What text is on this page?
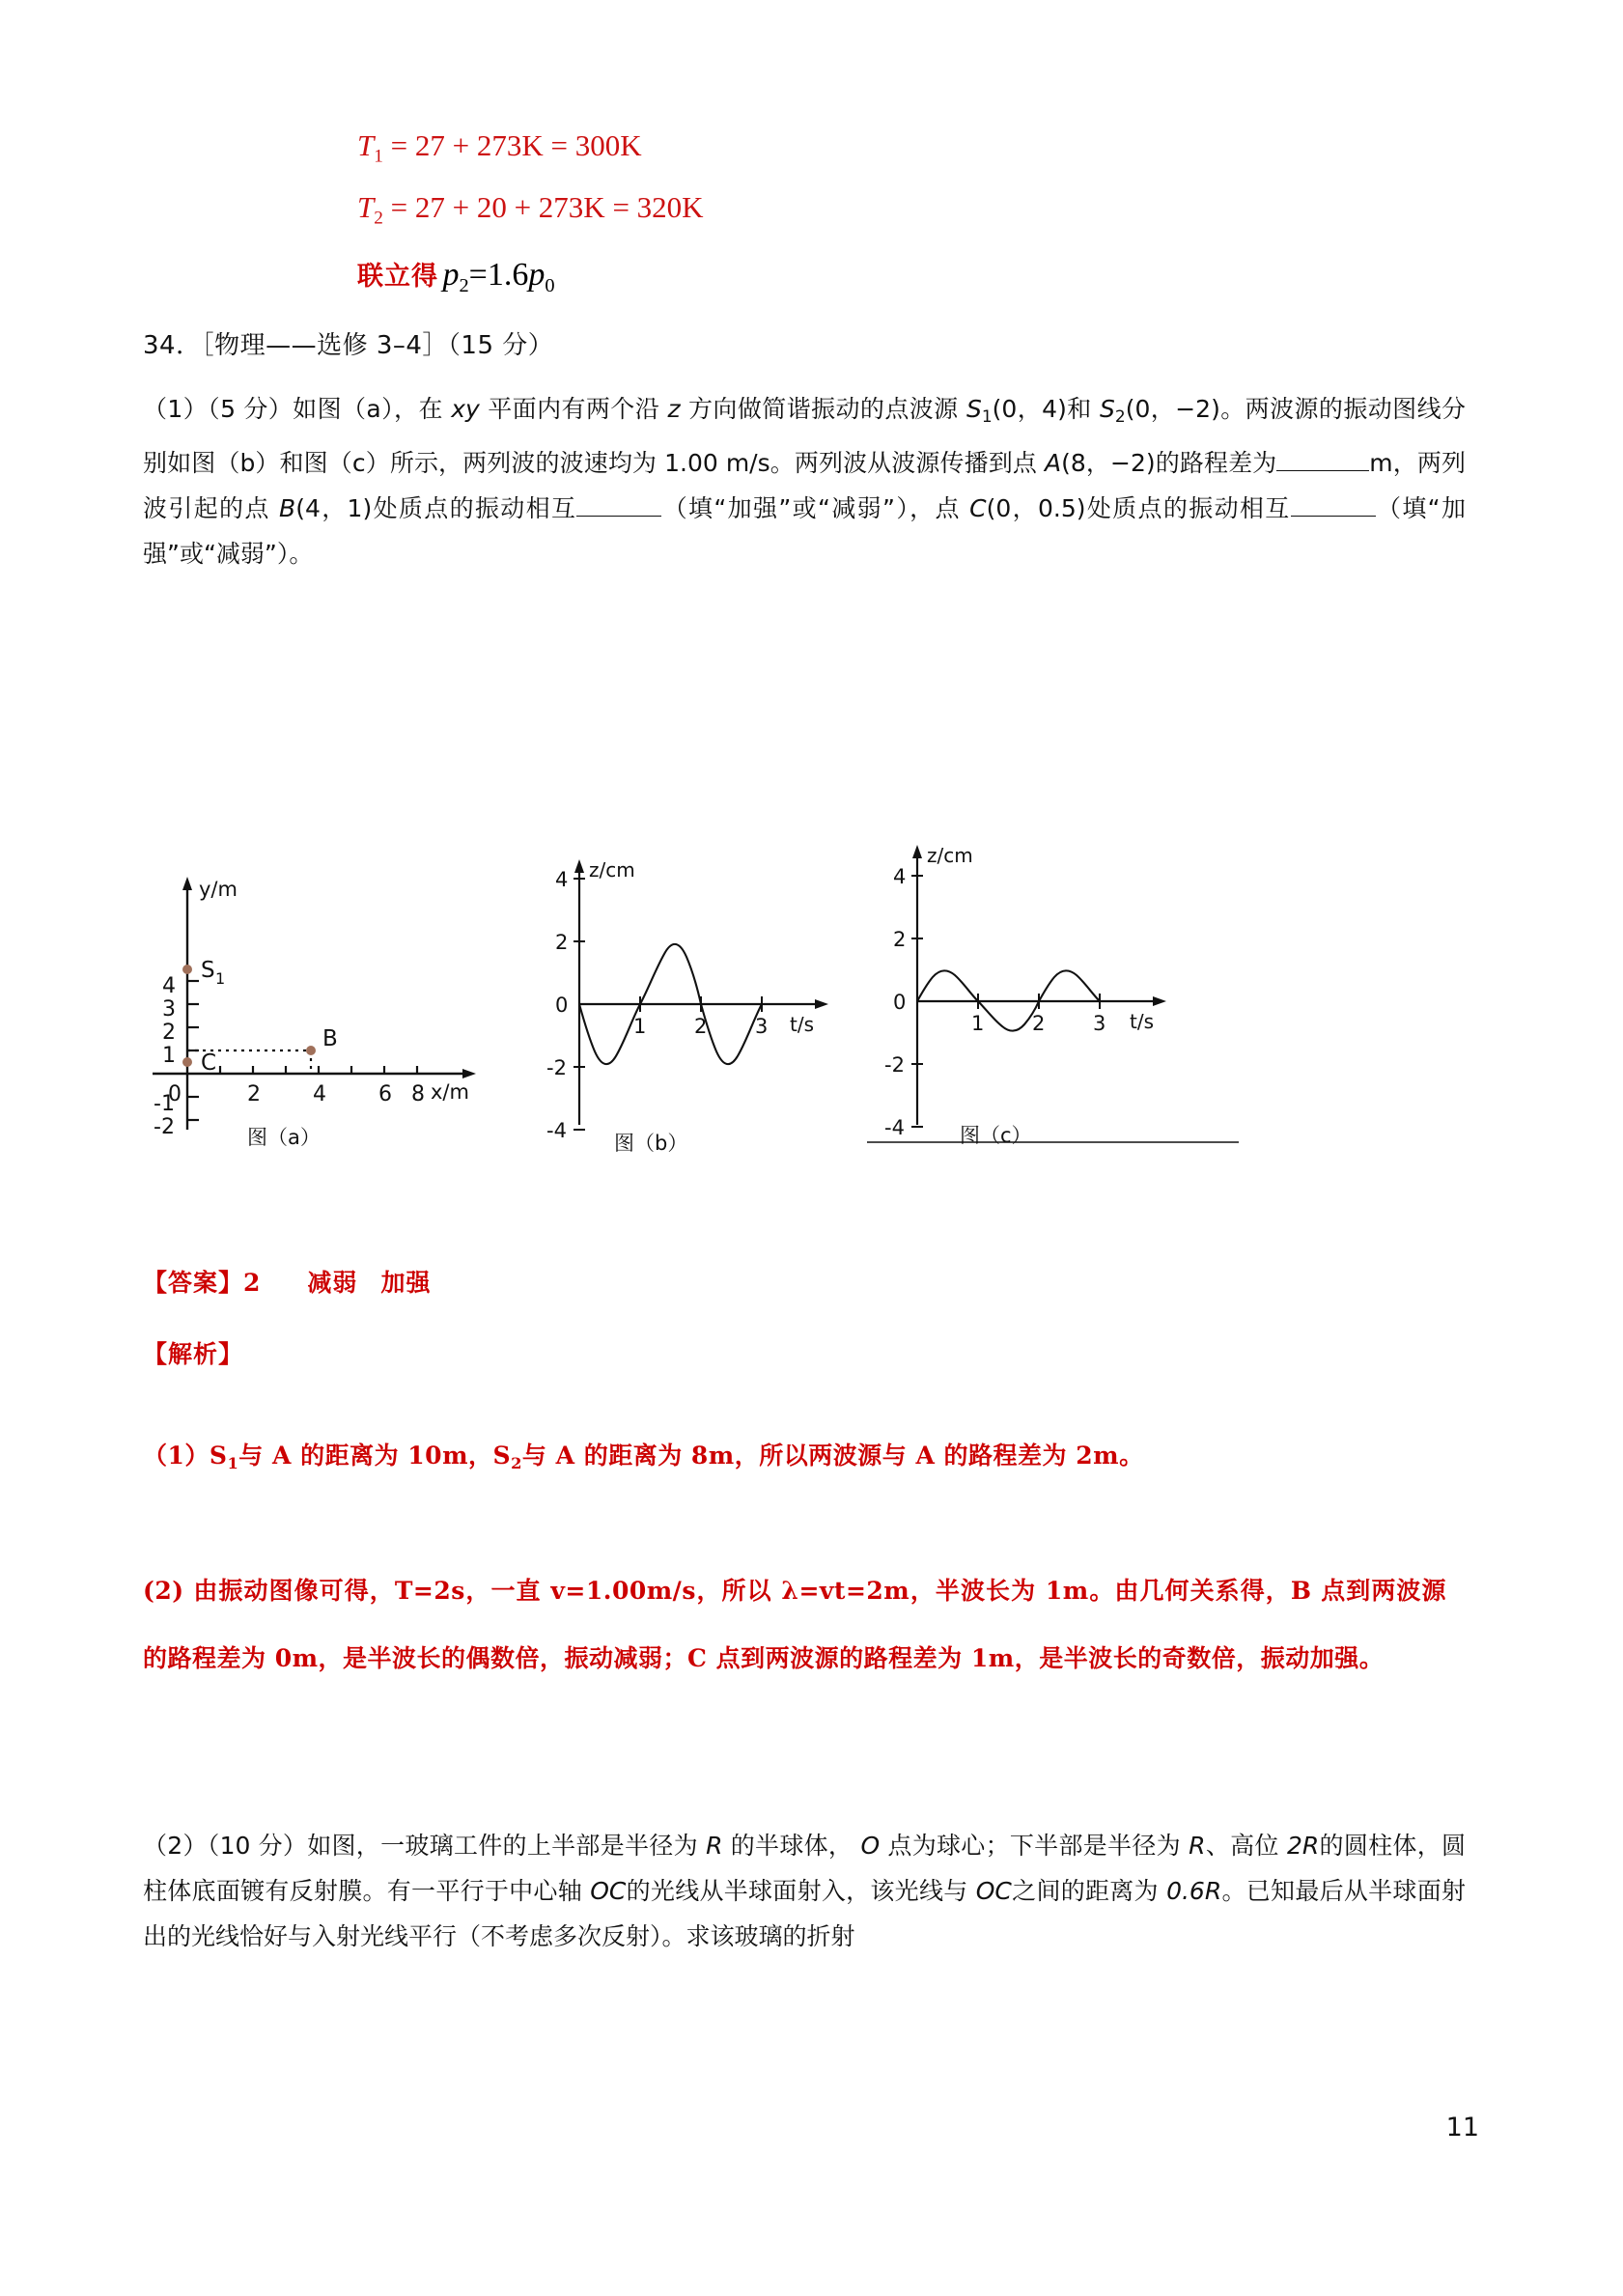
$T_1 = 27 + 273K = 300K$
$T_2 = 27 + 20 + 273K = 320K$
联立得 $p_2=1.6p_0$
34．［物理——选修 3–4］（15 分）
（1）（5 分）如图（a），在 xy 平面内有两个沿 z 方向做简谐振动的点波源 $S_1(0$，4)和 $S_2(0$，−2)。两波源的振动图线分别如图（b）和图（c）所示，两列波的波速均为 1.00 m/s。两列波从波源传播到点 A(8，−2)的路程差为	m，两列波引起的点 B(4，1)处质点的振动相互	（填“加强”或“减弱”），点 C(0，0.5)处质点的振动相互	（填“加强”或“减弱”）。
y/m
x/m
S 1
B
C
4
3
2
1
-1
-2
0	2 4 6 8
图（a）
z/cm
t/s
4
2
0
-2
-4
1 2 3
图（b）
z/cm
t/s
4
2
0
-2
-4
1 2 3
图（c）
【答案】2 减弱 加强
【解析】
$(1)S_1$与 A 的距离为 10m，$S_2$与 A 的距离为 8m，所以两波源与 A 的路程差为 2m。
(2) 由振动图像可得，T=2s，一直 v=1.00m/s，所以 λ=vt=2m，半波长为 1m。由几何关系得，B 点到两波源的路程差为 0m，是半波长的偶数倍，振动减弱；C 点到两波源的路程差为 1m，是半波长的奇数倍，振动加强。
（2）（10 分）如图，一玻璃工件的上半部是半径为 R 的半球体， O 点为球心；下半部是半径为 R、高位 2R的圆柱体，圆柱体底面镀有反射膜。有一平行于中心轴 OC的光线从半球面射入，该光线与 OC之间的距离为 0.6R。已知最后从半球面射出的光线恰好与入射光线平行（不考虑多次反射）。求该玻璃的折射
11
